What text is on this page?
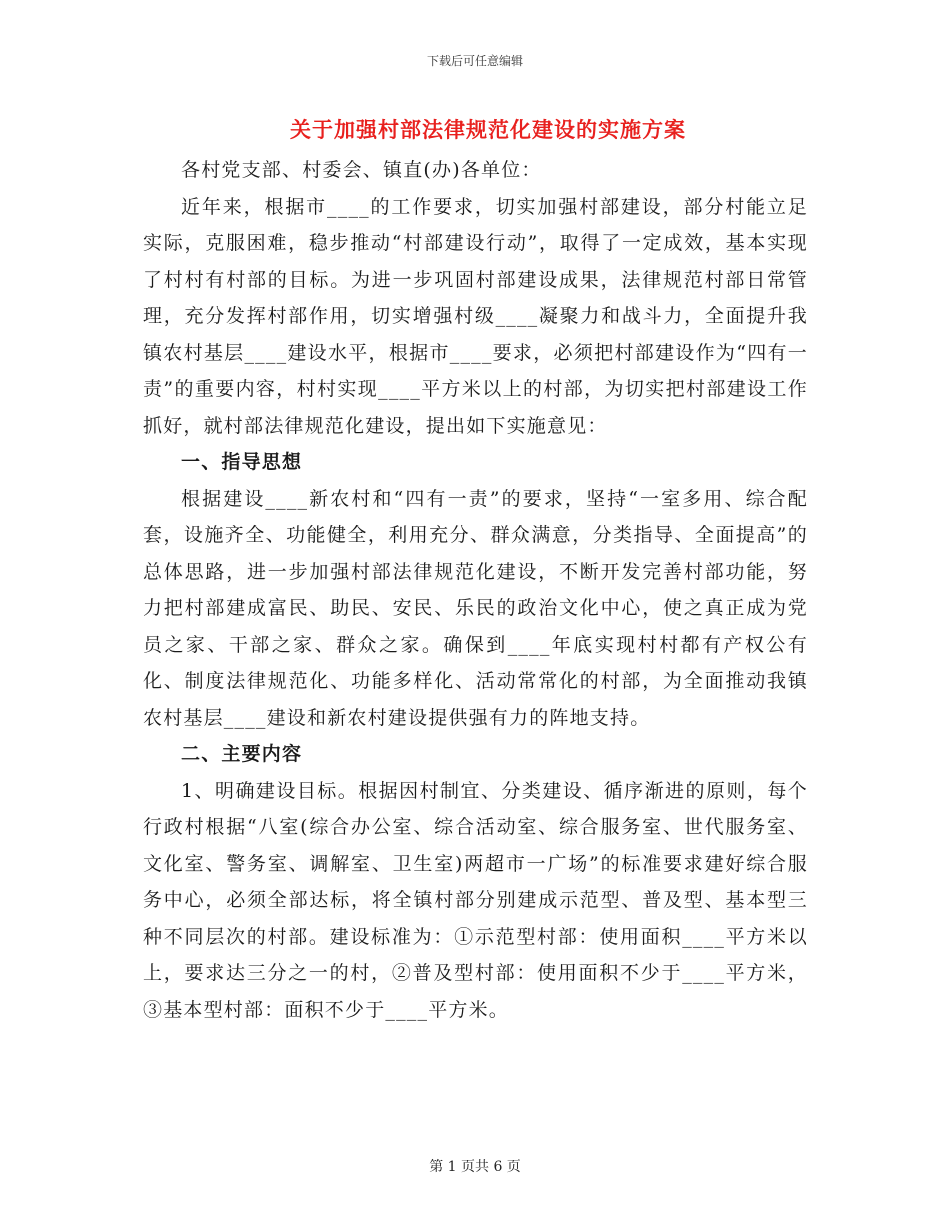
下载后可任意编辑
关于加强村部法律规范化建设的实施方案

各村党支部、村委会、镇直(办)各单位：

近年来，根据市____的工作要求，切实加强村部建设，部分村能立足实际，克服困难，稳步推动“村部建设行动”，取得了一定成效，基本实现了村村有村部的目标。为进一步巩固村部建设成果，法律规范村部日常管理，充分发挥村部作用，切实增强村级____凝聚力和战斗力，全面提升我镇农村基层____建设水平，根据市____要求，必须把村部建设作为“四有一责”的重要内容，村村实现____平方米以上的村部，为切实把村部建设工作抓好，就村部法律规范化建设，提出如下实施意见：

一、指导思想

根据建设____新农村和“四有一责”的要求，坚持“一室多用、综合配套，设施齐全、功能健全，利用充分、群众满意，分类指导、全面提高”的总体思路，进一步加强村部法律规范化建设，不断开发完善村部功能，努力把村部建成富民、助民、安民、乐民的政治文化中心，使之真正成为党员之家、干部之家、群众之家。确保到____年底实现村村都有产权公有化、制度法律规范化、功能多样化、活动常常化的村部，为全面推动我镇农村基层____建设和新农村建设提供强有力的阵地支持。

二、主要内容

1、明确建设目标。根据因村制宜、分类建设、循序渐进的原则，每个行政村根据“八室(综合办公室、综合活动室、综合服务室、世代服务室、文化室、警务室、调解室、卫生室)两超市一广场”的标准要求建好综合服务中心，必须全部达标，将全镇村部分别建成示范型、普及型、基本型三种不同层次的村部。建设标准为：①示范型村部：使用面积____平方米以上，要求达三分之一的村，②普及型村部：使用面积不少于____平方米，③基本型村部：面积不少于____平方米。

第 1 页共 6 页
